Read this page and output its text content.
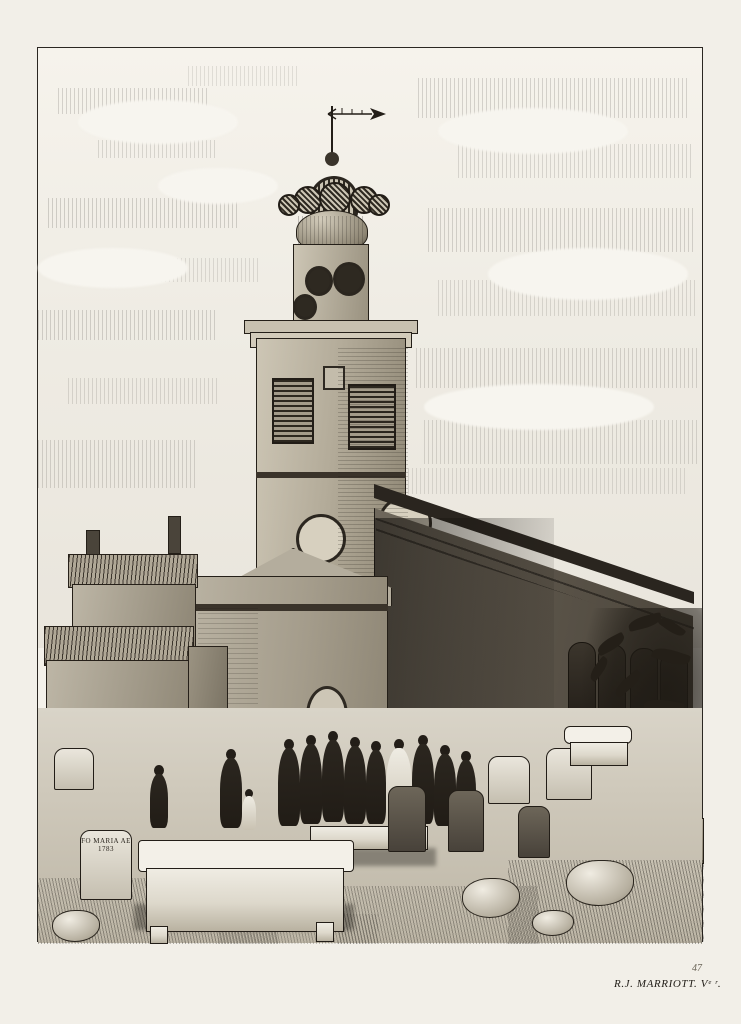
FO MARIA AE 1783
R.J. MARRIOTT. Vᵉ ʳ.
47
